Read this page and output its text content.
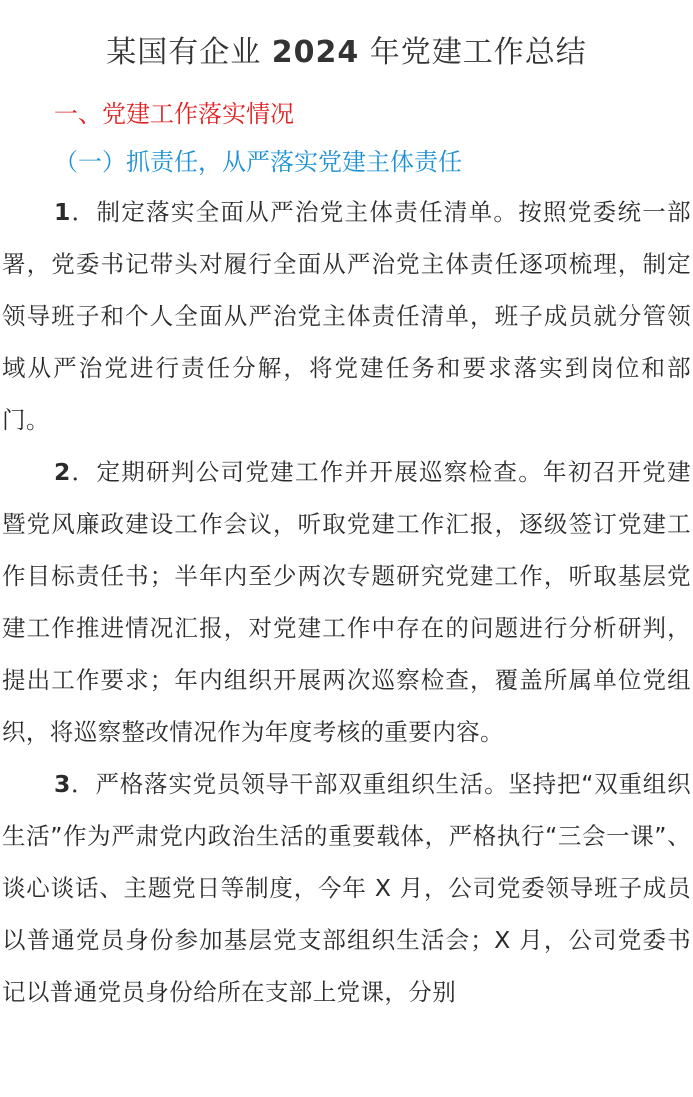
某国有企业 2024 年党建工作总结
一、党建工作落实情况
（一）抓责任，从严落实党建主体责任

1．制定落实全面从严治党主体责任清单。按照党委统一部署，党委书记带头对履行全面从严治党主体责任逐项梳理，制定领导班子和个人全面从严治党主体责任清单，班子成员就分管领域从严治党进行责任分解，将党建任务和要求落实到岗位和部门。

2．定期研判公司党建工作并开展巡察检查。年初召开党建暨党风廉政建设工作会议，听取党建工作汇报，逐级签订党建工作目标责任书；半年内至少两次专题研究党建工作，听取基层党建工作推进情况汇报，对党建工作中存在的问题进行分析研判，提出工作要求；年内组织开展两次巡察检查，覆盖所属单位党组织，将巡察整改情况作为年度考核的重要内容。

3．严格落实党员领导干部双重组织生活。坚持把“双重组织生活”作为严肃党内政治生活的重要载体，严格执行“三会一课”、谈心谈话、主题党日等制度，今年 X 月，公司党委领导班子成员以普通党员身份参加基层党支部组织生活会；X 月，公司党委书记以普通党员身份给所在支部上党课，分别
